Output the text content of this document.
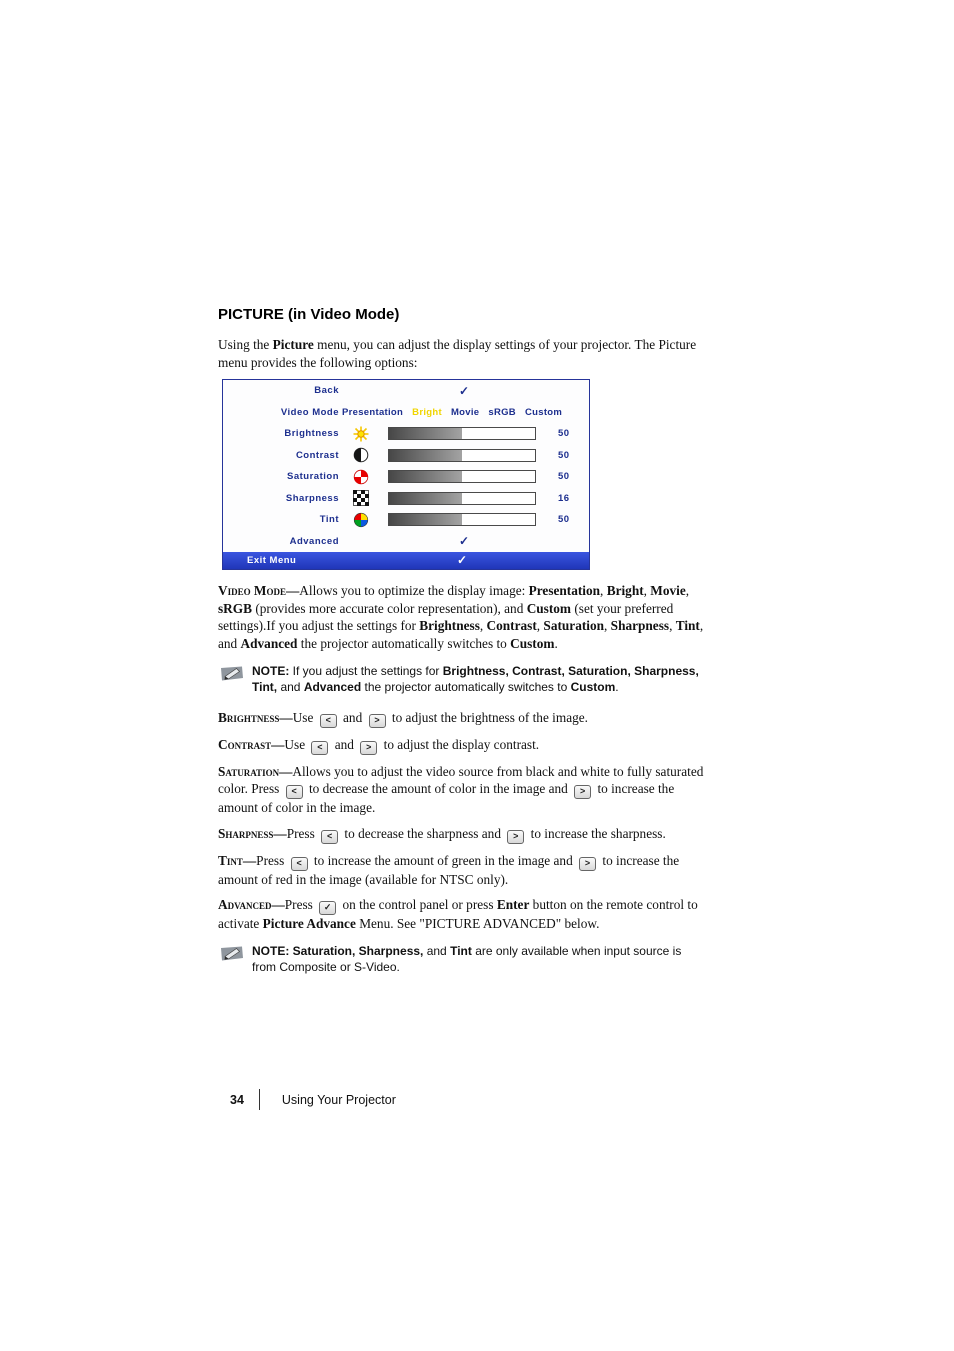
PICTURE (in Video Mode)

Using the Picture menu, you can adjust the display settings of your projector. The Picture menu provides the following options:

Back	✓
Video Mode Presentation Bright Movie sRGB Custom
Brightness	50
Contrast	50
Saturation	50
Sharpness	16
Tint	50
Advanced	✓
Exit Menu	✓

Video Mode—Allows you to optimize the display image: Presentation, Bright, Movie, sRGB (provides more accurate color representation), and Custom (set your preferred settings).If you adjust the settings for Brightness, Contrast, Saturation, Sharpness, Tint, and Advanced the projector automatically switches to Custom.

NOTE: If you adjust the settings for Brightness, Contrast, Saturation, Sharpness, Tint, and Advanced the projector automatically switches to Custom.

Brightness—Use < and > to adjust the brightness of the image.

Contrast—Use < and > to adjust the display contrast.

Saturation—Allows you to adjust the video source from black and white to fully saturated color. Press < to decrease the amount of color in the image and > to increase the amount of color in the image.

Sharpness—Press < to decrease the sharpness and > to increase the sharpness.

Tint—Press < to increase the amount of green in the image and > to increase the amount of red in the image (available for NTSC only).

Advanced—Press ✓ on the control panel or press Enter button on the remote control to activate Picture Advance Menu. See "PICTURE ADVANCED" below.

NOTE: Saturation, Sharpness, and Tint are only available when input source is from Composite or S-Video.

34	Using Your Projector
